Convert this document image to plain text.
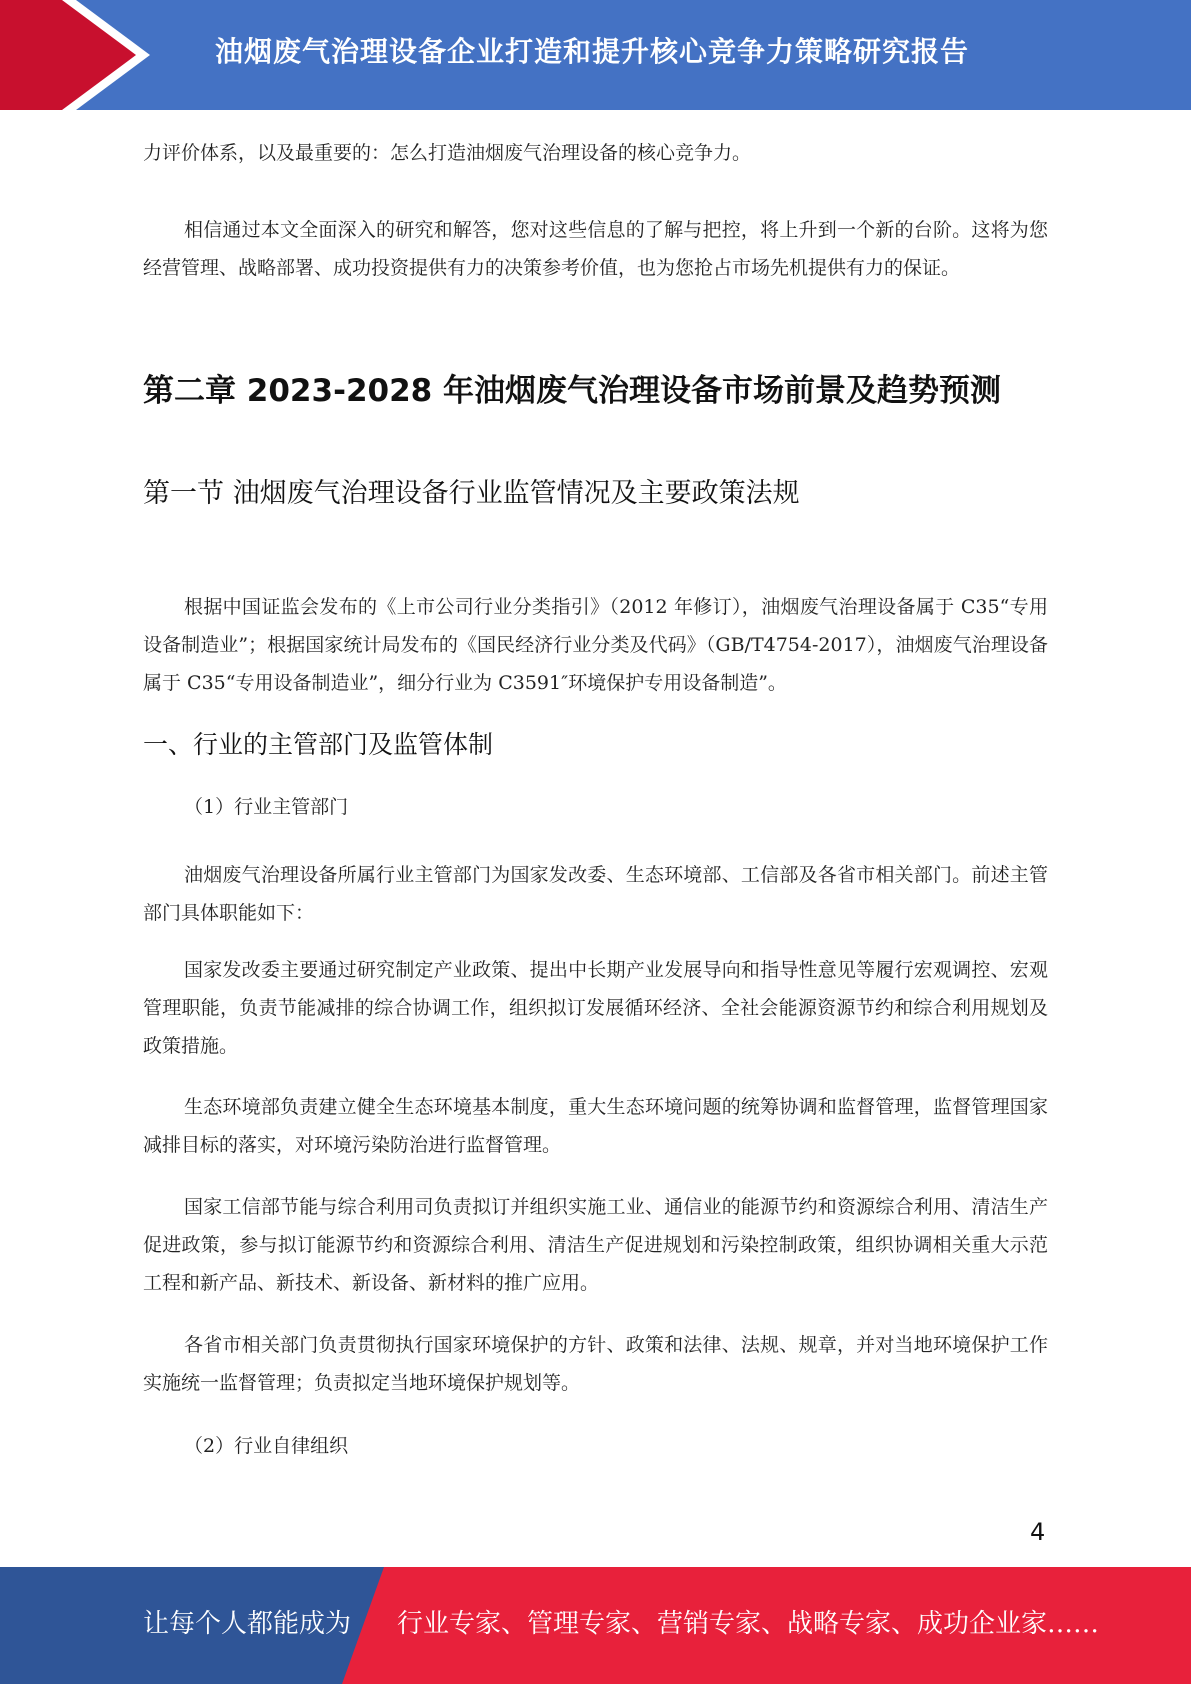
油烟废气治理设备企业打造和提升核心竞争力策略研究报告
力评价体系，以及最重要的：怎么打造油烟废气治理设备的核心竞争力。
相信通过本文全面深入的研究和解答，您对这些信息的了解与把控，将上升到一个新的台阶。这将为您经营管理、战略部署、成功投资提供有力的决策参考价值，也为您抢占市场先机提供有力的保证。
第二章 2023-2028 年油烟废气治理设备市场前景及趋势预测
第一节 油烟废气治理设备行业监管情况及主要政策法规
根据中国证监会发布的《上市公司行业分类指引》（2012 年修订），油烟废气治理设备属于 C35“专用设备制造业”；根据国家统计局发布的《国民经济行业分类及代码》（GB/T4754-2017），油烟废气治理设备属于 C35“专用设备制造业”，细分行业为 C3591″环境保护专用设备制造”。
一、行业的主管部门及监管体制
（1）行业主管部门
油烟废气治理设备所属行业主管部门为国家发改委、生态环境部、工信部及各省市相关部门。前述主管部门具体职能如下：
国家发改委主要通过研究制定产业政策、提出中长期产业发展导向和指导性意见等履行宏观调控、宏观管理职能，负责节能减排的综合协调工作，组织拟订发展循环经济、全社会能源资源节约和综合利用规划及政策措施。
生态环境部负责建立健全生态环境基本制度，重大生态环境问题的统筹协调和监督管理，监督管理国家减排目标的落实，对环境污染防治进行监督管理。
国家工信部节能与综合利用司负责拟订并组织实施工业、通信业的能源节约和资源综合利用、清洁生产促进政策，参与拟订能源节约和资源综合利用、清洁生产促进规划和污染控制政策，组织协调相关重大示范工程和新产品、新技术、新设备、新材料的推广应用。
各省市相关部门负责贯彻执行国家环境保护的方针、政策和法律、法规、规章，并对当地环境保护工作实施统一监督管理；负责拟定当地环境保护规划等。
（2）行业自律组织
4
让每个人都能成为 行业专家、管理专家、营销专家、战略专家、成功企业家……
